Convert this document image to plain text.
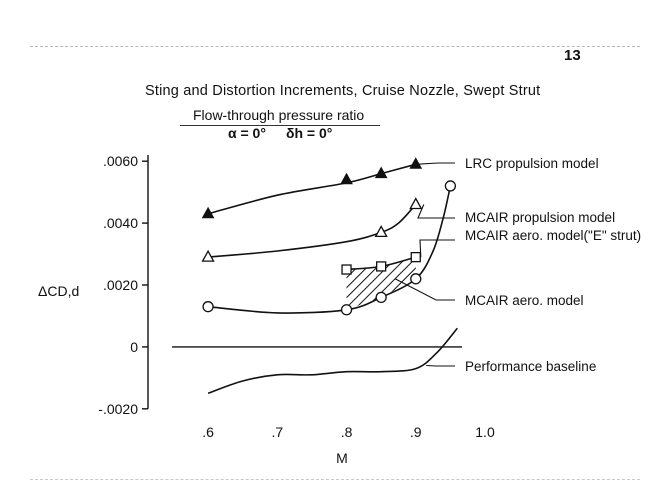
13
Sting and Distortion Increments, Cruise Nozzle, Swept Strut
Flow-through pressure ratio
α = 0° δh = 0°
.0060
.0040
.0020
0
-.0020
.6	.7	.8	.9	1.0
M
ΔCD,d
LRC propulsion model
MCAIR propulsion model
MCAIR aero. model("E" strut)
MCAIR aero. model
Performance baseline
